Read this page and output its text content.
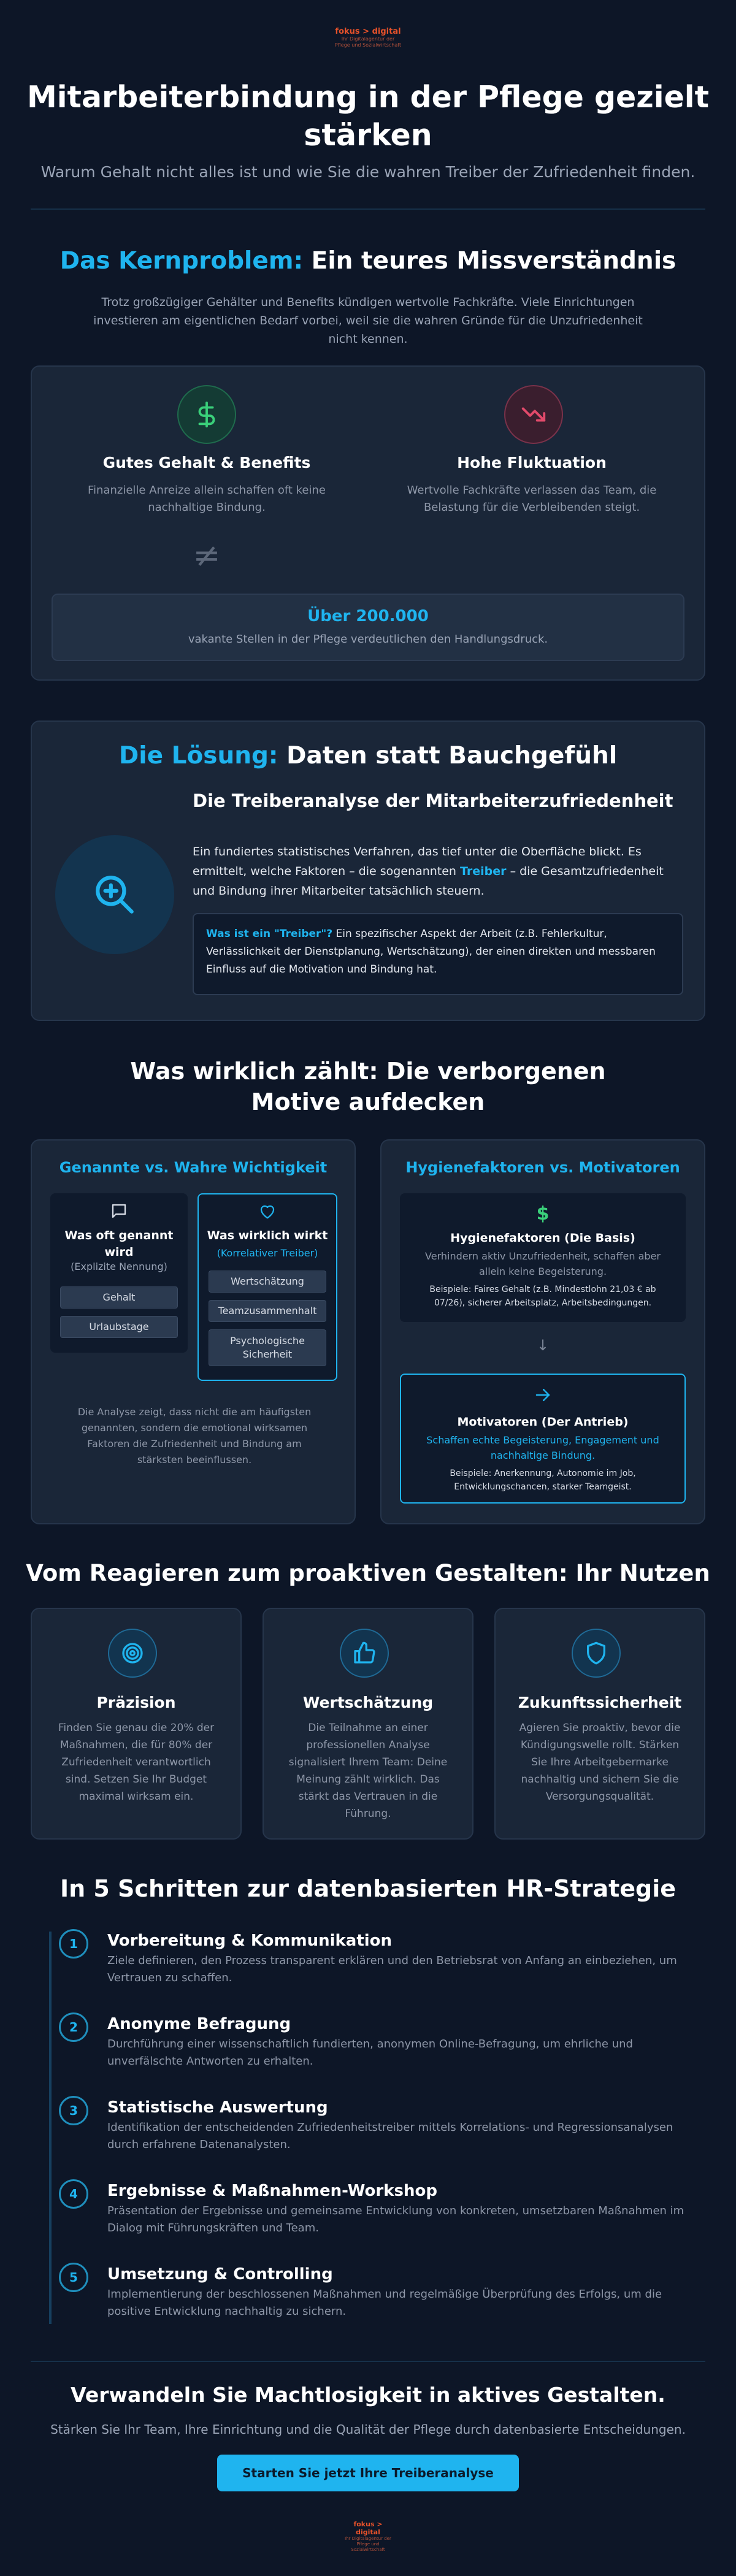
fokus > digital
Ihr Digitalagentur der Pflege und Sozialwirtschaft
Mitarbeiterbindung in der Pflege gezielt stärken
Warum Gehalt nicht alles ist und wie Sie die wahren Treiber der Zufriedenheit finden.
Das Kernproblem: Ein teures Missverständnis
Trotz großzügiger Gehälter und Benefits kündigen wertvolle Fachkräfte. Viele Einrichtungen investieren am eigentlichen Bedarf vorbei, weil sie die wahren Gründe für die Unzufriedenheit nicht kennen.
Gutes Gehalt & Benefits
Finanzielle Anreize allein schaffen oft keine nachhaltige Bindung.
Hohe Fluktuation
Wertvolle Fachkräfte verlassen das Team, die Belastung für die Verbleibenden steigt.
≠
Über 200.000
vakante Stellen in der Pflege verdeutlichen den Handlungsdruck.
Die Lösung: Daten statt Bauchgefühl
Die Treiberanalyse der Mitarbeiterzufriedenheit
Ein fundiertes statistisches Verfahren, das tief unter die Oberfläche blickt. Es ermittelt, welche Faktoren – die sogenannten Treiber – die Gesamtzufriedenheit und Bindung ihrer Mitarbeiter tatsächlich steuern.
Was ist ein "Treiber"? Ein spezifischer Aspekt der Arbeit (z.B. Fehlerkultur, Verlässlichkeit der Dienstplanung, Wertschätzung), der einen direkten und messbaren Einfluss auf die Motivation und Bindung hat.
Was wirklich zählt: Die verborgenen Motive aufdecken
Genannte vs. Wahre Wichtigkeit
Was oft genannt wird
(Explizite Nennung)
Gehalt
Urlaubstage
Was wirklich wirkt
(Korrelativer Treiber)
Wertschätzung
Teamzusammenhalt
Psychologische Sicherheit
Die Analyse zeigt, dass nicht die am häufigsten genannten, sondern die emotional wirksamen Faktoren die Zufriedenheit und Bindung am stärksten beeinflussen.
Hygienefaktoren vs. Motivatoren
$
Hygienefaktoren (Die Basis)
Verhindern aktiv Unzufriedenheit, schaffen aber allein keine Begeisterung.
Beispiele: Faires Gehalt (z.B. Mindestlohn 21,03 € ab 07/26), sicherer Arbeitsplatz, Arbeitsbedingungen.
↓
Motivatoren (Der Antrieb)
Schaffen echte Begeisterung, Engagement und nachhaltige Bindung.
Beispiele: Anerkennung, Autonomie im Job, Entwicklungschancen, starker Teamgeist.
Vom Reagieren zum proaktiven Gestalten: Ihr Nutzen
Präzision
Finden Sie genau die 20% der Maßnahmen, die für 80% der Zufriedenheit verantwortlich sind. Setzen Sie Ihr Budget maximal wirksam ein.
Wertschätzung
Die Teilnahme an einer professionellen Analyse signalisiert Ihrem Team: Deine Meinung zählt wirklich. Das stärkt das Vertrauen in die Führung.
Zukunftssicherheit
Agieren Sie proaktiv, bevor die Kündigungswelle rollt. Stärken Sie Ihre Arbeitgebermarke nachhaltig und sichern Sie die Versorgungsqualität.
In 5 Schritten zur datenbasierten HR-Strategie
1	Vorbereitung & Kommunikation
Ziele definieren, den Prozess transparent erklären und den Betriebsrat von Anfang an einbeziehen, um Vertrauen zu schaffen.
2	Anonyme Befragung
Durchführung einer wissenschaftlich fundierten, anonymen Online-Befragung, um ehrliche und unverfälschte Antworten zu erhalten.
3	Statistische Auswertung
Identifikation der entscheidenden Zufriedenheitstreiber mittels Korrelations- und Regressionsanalysen durch erfahrene Datenanalysten.
4	Ergebnisse & Maßnahmen-Workshop
Präsentation der Ergebnisse und gemeinsame Entwicklung von konkreten, umsetzbaren Maßnahmen im Dialog mit Führungskräften und Team.
5	Umsetzung & Controlling
Implementierung der beschlossenen Maßnahmen und regelmäßige Überprüfung des Erfolgs, um die positive Entwicklung nachhaltig zu sichern.
Verwandeln Sie Machtlosigkeit in aktives Gestalten.
Stärken Sie Ihr Team, Ihre Einrichtung und die Qualität der Pflege durch datenbasierte Entscheidungen.
Starten Sie jetzt Ihre Treiberanalyse
fokus > digital
Ihr Digitalagentur der Pflege und Sozialwirtschaft
